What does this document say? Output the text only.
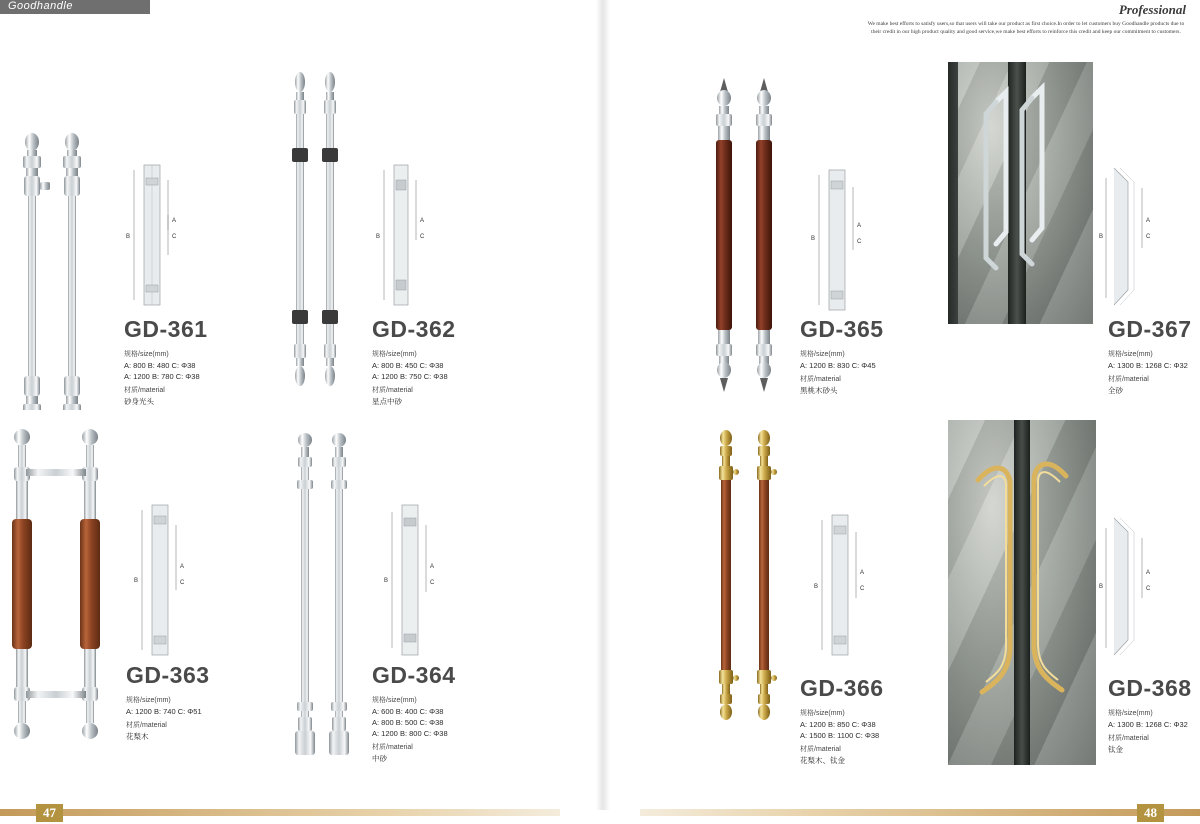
Goodhandle	Professional
We make best efforts to satisfy users,so that users will take our product as first choice.In order to let customers buy Goodhandle products due to their credit in our high product quality and good service,we make best efforts to reinforce this credit and keep our commitment to customers.
B
A
C
GD-361
规格/size(mm)
A: 800 B: 480 C: Φ38
A: 1200 B: 780 C: Φ38
材质/material
砂身光头
B
A
C
GD-362
规格/size(mm)
A: 800 B: 450 C: Φ38
A: 1200 B: 750 C: Φ38
材质/material
星点中砂
B
A
C
GD-363
规格/size(mm)
A: 1200 B: 740 C: Φ51
材质/material
花梨木
B
A
C
GD-364
规格/size(mm)
A: 600 B: 400 C: Φ38
A: 800 B: 500 C: Φ38
A: 1200 B: 800 C: Φ38
材质/material
中砂
B
A
C
GD-365
规格/size(mm)
A: 1200 B: 830 C: Φ45
材质/material
黑桃木砂头
B
A
C
GD-367
规格/size(mm)
A: 1300 B: 1268 C: Φ32
材质/material
全砂
B
A
C
GD-366
规格/size(mm)
A: 1200 B: 850 C: Φ38
A: 1500 B: 1100 C: Φ38
材质/material
花梨木、钛金
B
A
C
GD-368
规格/size(mm)
A: 1300 B: 1268 C: Φ32
材质/material
钛金
47	48
